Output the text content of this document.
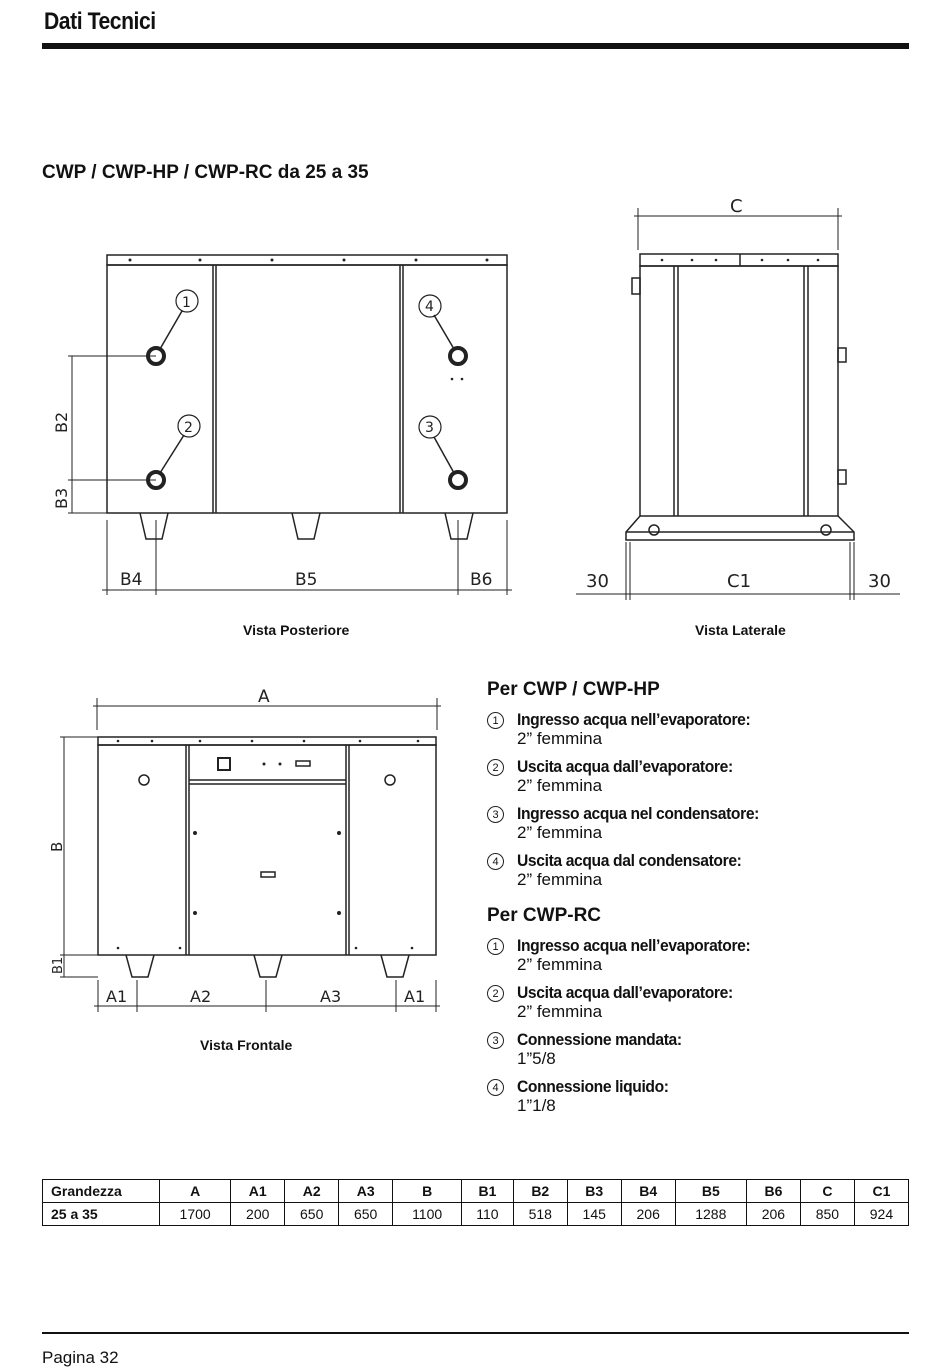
Dati Tecnici
CWP / CWP-HP / CWP-RC da 25 a 35
1
2	3
4
B2
B3
B4	B5	B6
Vista Posteriore
C
C1
30	30
Vista Laterale
A
B
B1
A1	A2	A3	A1
Vista Frontale
Per CWP / CWP-HP
1	Ingresso acqua nell’evaporatore:
2” femmina
2	Uscita acqua dall’evaporatore:
2” femmina
3	Ingresso acqua nel condensatore:
2” femmina
4	Uscita acqua dal condensatore:
2” femmina
Per CWP-RC
1	Ingresso acqua nell’evaporatore:
2” femmina
2	Uscita acqua dall’evaporatore:
2” femmina
3	Connessione mandata:
1”5/8
4	Connessione liquido:
1”1/8
Grandezza	A	A1	A2	A3	B	B1	B2	B3	B4	B5	B6	C	C1
25 a 35	1700	200	650	650	1100	110	518	145	206	1288	206	850	924
Pagina 32
